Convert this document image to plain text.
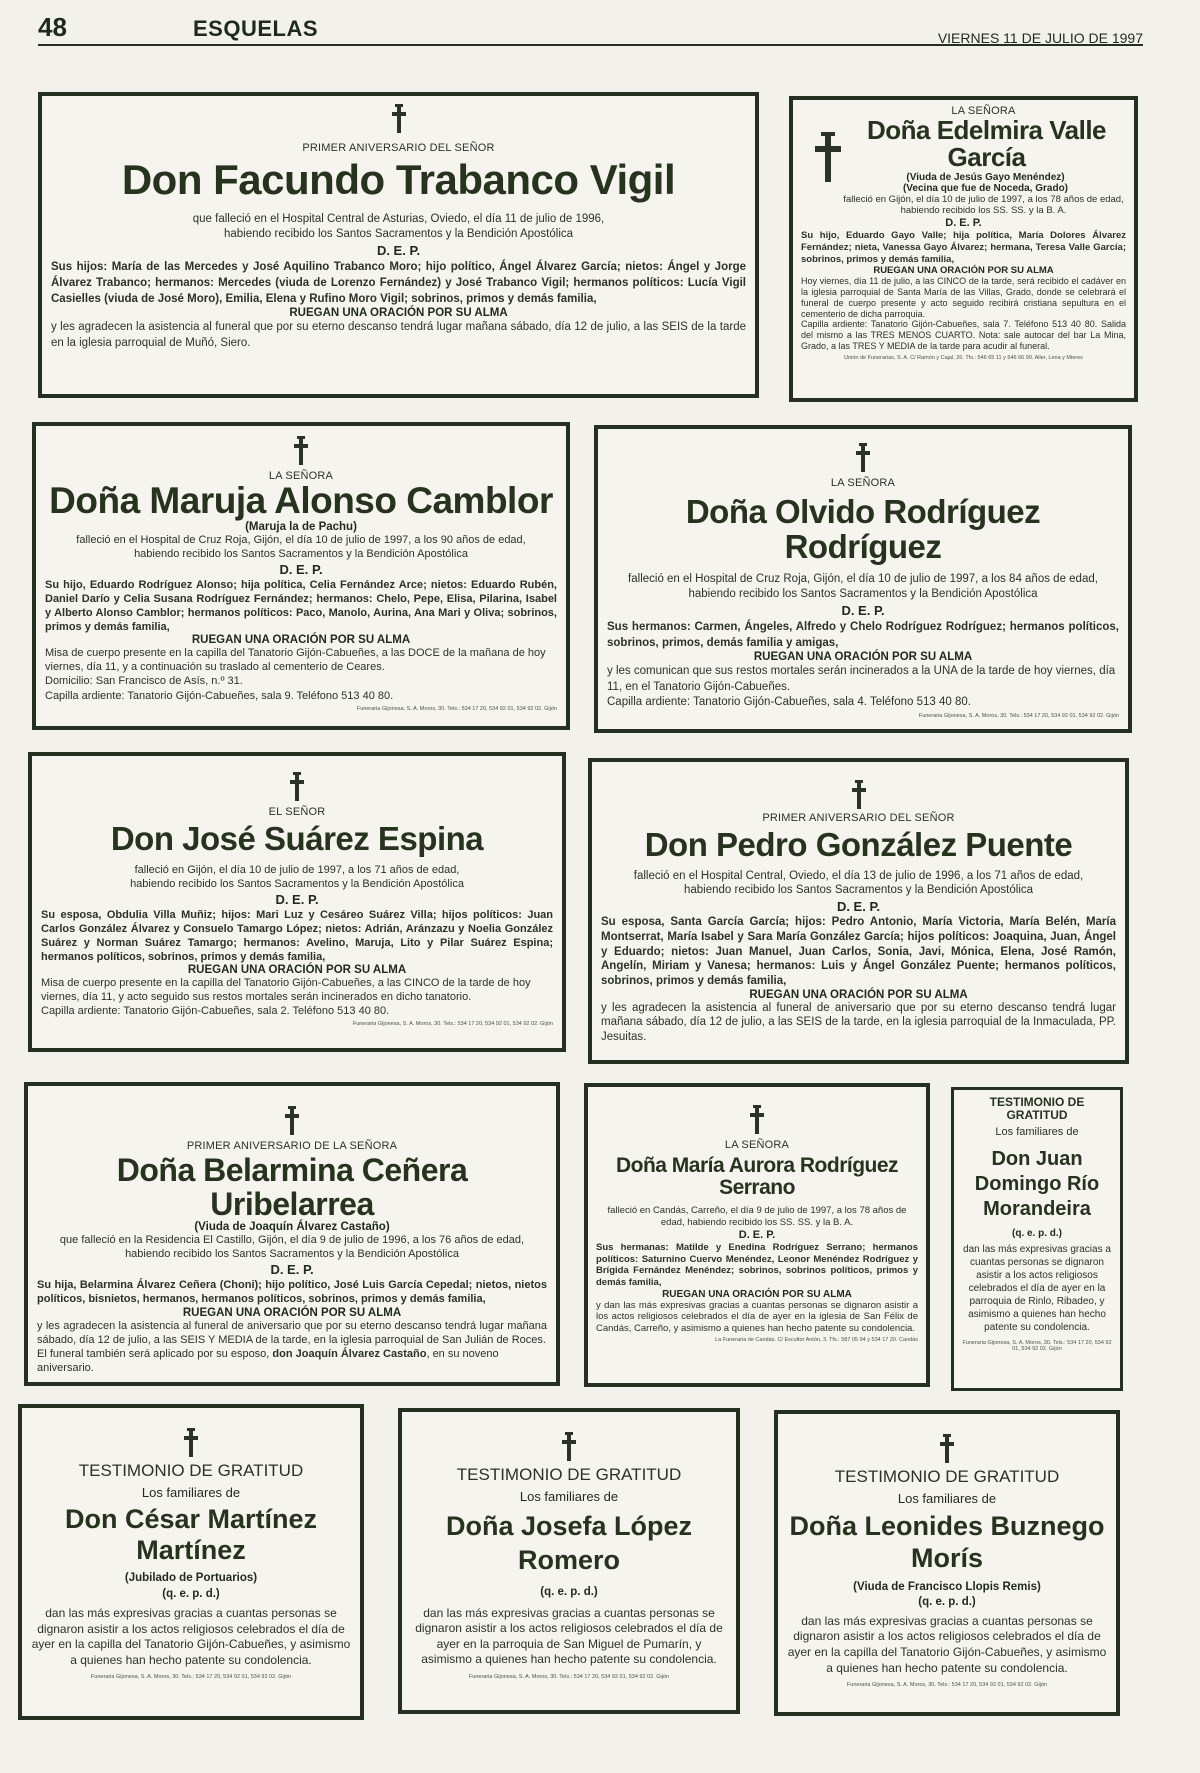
48	ESQUELAS	VIERNES 11 DE JULIO DE 1997
PRIMER ANIVERSARIO DEL SEÑOR
Don Facundo Trabanco Vigil
que falleció en el Hospital Central de Asturias, Oviedo, el día 11 de julio de 1996,
habiendo recibido los Santos Sacramentos y la Bendición Apostólica
D. E. P.
Sus hijos: María de las Mercedes y José Aquilino Trabanco Moro; hijo político, Ángel Álvarez García; nietos: Ángel y Jorge Álvarez Trabanco; hermanos: Mercedes (viuda de Lorenzo Fernández) y José Trabanco Vigil; hermanos políticos: Lucía Vigil Casielles (viuda de José Moro), Emilia, Elena y Rufino Moro Vigil; sobrinos, primos y demás familia,
RUEGAN UNA ORACIÓN POR SU ALMA
y les agradecen la asistencia al funeral que por su eterno descanso tendrá lugar mañana sábado, día 12 de julio, a las SEIS de la tarde en la iglesia parroquial de Muñó, Siero.
LA SEÑORA
Doña Edelmira Valle García
(Viuda de Jesús Gayo Menéndez)
(Vecina que fue de Noceda, Grado)
falleció en Gijón, el día 10 de julio de 1997, a los 78 años de edad, habiendo recibido los SS. SS. y la B. A.
D. E. P.
Su hijo, Eduardo Gayo Valle; hija política, María Dolores Álvarez Fernández; nieta, Vanessa Gayo Álvarez; hermana, Teresa Valle García; sobrinos, primos y demás familia,
RUEGAN UNA ORACIÓN POR SU ALMA
Hoy viernes, día 11 de julio, a las CINCO de la tarde, será recibido el cadáver en la iglesia parroquial de Santa María de las Villas, Grado, donde se celebrará el funeral de cuerpo presente y acto seguido recibirá cristiana sepultura en el cementerio de dicha parroquia.
Capilla ardiente: Tanatorio Gijón-Cabueñes, sala 7. Teléfono 513 40 80. Salida del mismo a las TRES MENOS CUARTO. Nota: sale autocar del bar La Mina, Grado, a las TRES Y MEDIA de la tarde para acudir al funeral.
Unión de Funerarias, S. A. C/ Ramón y Cajal, 26. Tfs.: 546 65 11 y 546 66 90. Aller, Lena y Mieres
LA SEÑORA
Doña Maruja Alonso Camblor
(Maruja la de Pachu)
falleció en el Hospital de Cruz Roja, Gijón, el día 10 de julio de 1997, a los 90 años de edad,
habiendo recibido los Santos Sacramentos y la Bendición Apostólica
D. E. P.
Su hijo, Eduardo Rodríguez Alonso; hija política, Celia Fernández Arce; nietos: Eduardo Rubén, Daniel Darío y Celia Susana Rodríguez Fernández; hermanos: Chelo, Pepe, Elisa, Pilarina, Isabel y Alberto Alonso Camblor; hermanos políticos: Paco, Manolo, Aurina, Ana Mari y Oliva; sobrinos, primos y demás familia,
RUEGAN UNA ORACIÓN POR SU ALMA
Misa de cuerpo presente en la capilla del Tanatorio Gijón-Cabueñes, a las DOCE de la mañana de hoy viernes, día 11, y a continuación su traslado al cementerio de Ceares.
Domicilio: San Francisco de Asís, n.º 31.
Capilla ardiente: Tanatorio Gijón-Cabueñes, sala 9. Teléfono 513 40 80.
Funeraria Gijonesa, S. A. Moros, 30. Tels.: 534 17 20, 534 92 01, 534 92 02. Gijón
LA SEÑORA
Doña Olvido Rodríguez Rodríguez
falleció en el Hospital de Cruz Roja, Gijón, el día 10 de julio de 1997, a los 84 años de edad,
habiendo recibido los Santos Sacramentos y la Bendición Apostólica
D. E. P.
Sus hermanos: Carmen, Ángeles, Alfredo y Chelo Rodríguez Rodríguez; hermanos políticos, sobrinos, primos, demás familia y amigas,
RUEGAN UNA ORACIÓN POR SU ALMA
y les comunican que sus restos mortales serán incinerados a la UNA de la tarde de hoy viernes, día 11, en el Tanatorio Gijón-Cabueñes.
Capilla ardiente: Tanatorio Gijón-Cabueñes, sala 4. Teléfono 513 40 80.
Funeraria Gijonesa, S. A. Moros, 30. Tels.: 534 17 20, 534 92 01, 534 92 02. Gijón
EL SEÑOR
Don José Suárez Espina
falleció en Gijón, el día 10 de julio de 1997, a los 71 años de edad,
habiendo recibido los Santos Sacramentos y la Bendición Apostólica
D. E. P.
Su esposa, Obdulia Villa Muñiz; hijos: Mari Luz y Cesáreo Suárez Villa; hijos políticos: Juan Carlos González Álvarez y Consuelo Tamargo López; nietos: Adrián, Aránzazu y Noelia González Suárez y Norman Suárez Tamargo; hermanos: Avelino, Maruja, Lito y Pilar Suárez Espina; hermanos políticos, sobrinos, primos y demás familia,
RUEGAN UNA ORACIÓN POR SU ALMA
Misa de cuerpo presente en la capilla del Tanatorio Gijón-Cabueñes, a las CINCO de la tarde de hoy viernes, día 11, y acto seguido sus restos mortales serán incinerados en dicho tanatorio.
Capilla ardiente: Tanatorio Gijón-Cabueñes, sala 2. Teléfono 513 40 80.
Funeraria Gijonesa, S. A. Moros, 30. Tels.: 534 17 20, 534 92 01, 534 92 02. Gijón
PRIMER ANIVERSARIO DEL SEÑOR
Don Pedro González Puente
falleció en el Hospital Central, Oviedo, el día 13 de julio de 1996, a los 71 años de edad,
habiendo recibido los Santos Sacramentos y la Bendición Apostólica
D. E. P.
Su esposa, Santa García García; hijos: Pedro Antonio, María Victoria, María Belén, María Montserrat, María Isabel y Sara María González García; hijos políticos: Joaquina, Juan, Ángel y Eduardo; nietos: Juan Manuel, Juan Carlos, Sonia, Javi, Mónica, Elena, José Ramón, Angelín, Miriam y Vanesa; hermanos: Luis y Ángel González Puente; hermanos políticos, sobrinos, primos y demás familia,
RUEGAN UNA ORACIÓN POR SU ALMA
y les agradecen la asistencia al funeral de aniversario que por su eterno descanso tendrá lugar mañana sábado, día 12 de julio, a las SEIS de la tarde, en la iglesia parroquial de la Inmaculada, PP. Jesuitas.
PRIMER ANIVERSARIO DE LA SEÑORA
Doña Belarmina Ceñera Uribelarrea
(Viuda de Joaquín Álvarez Castaño)
que falleció en la Residencia El Castillo, Gijón, el día 9 de julio de 1996, a los 76 años de edad,
habiendo recibido los Santos Sacramentos y la Bendición Apostólica
D. E. P.
Su hija, Belarmina Álvarez Ceñera (Choni); hijo político, José Luis García Cepedal; nietos, nietos políticos, bisnietos, hermanos, hermanos políticos, sobrinos, primos y demás familia,
RUEGAN UNA ORACIÓN POR SU ALMA
y les agradecen la asistencia al funeral de aniversario que por su eterno descanso tendrá lugar mañana sábado, día 12 de julio, a las SEIS Y MEDIA de la tarde, en la iglesia parroquial de San Julián de Roces.
El funeral también será aplicado por su esposo, don Joaquín Álvarez Castaño, en su noveno aniversario.
LA SEÑORA
Doña María Aurora Rodríguez Serrano
falleció en Candás, Carreño, el día 9 de julio de 1997, a los 78 años de edad, habiendo recibido los SS. SS. y la B. A.
D. E. P.
Sus hermanas: Matilde y Enedina Rodríguez Serrano; hermanos políticos: Saturnino Cuervo Menéndez, Leonor Menéndez Rodríguez y Brígida Fernández Menéndez; sobrinos, sobrinos políticos, primos y demás familia,
RUEGAN UNA ORACIÓN POR SU ALMA
y dan las más expresivas gracias a cuantas personas se dignaron asistir a los actos religiosos celebrados el día de ayer en la iglesia de San Félix de Candás, Carreño, y asimismo a quienes han hecho patente su condolencia.
La Funeraria de Candás. C/ Escultor Antón, 3. Tfs.: 587 05 94 y 534 17 20. Candás
TESTIMONIO DE GRATITUD
Los familiares de
Don Juan Domingo Río Morandeira
(q. e. p. d.)
dan las más expresivas gracias a cuantas personas se dignaron asistir a los actos religiosos celebrados el día de ayer en la parroquia de Rinlo, Ribadeo, y asimismo a quienes han hecho patente su condolencia.
Funeraria Gijonesa, S. A. Moros, 30. Tels.: 534 17 20, 534 92 01, 534 92 02. Gijón
TESTIMONIO DE GRATITUD
Los familiares de
Don César Martínez Martínez
(Jubilado de Portuarios)
(q. e. p. d.)
dan las más expresivas gracias a cuantas personas se dignaron asistir a los actos religiosos celebrados el día de ayer en la capilla del Tanatorio Gijón-Cabueñes, y asimismo a quienes han hecho patente su condolencia.
Funeraria Gijonesa, S. A. Moros, 30. Tels.: 534 17 20, 534 92 01, 534 92 02. Gijón
TESTIMONIO DE GRATITUD
Los familiares de
Doña Josefa López Romero
(q. e. p. d.)
dan las más expresivas gracias a cuantas personas se dignaron asistir a los actos religiosos celebrados el día de ayer en la parroquia de San Miguel de Pumarín, y asimismo a quienes han hecho patente su condolencia.
Funeraria Gijonesa, S. A. Moros, 30. Tels.: 534 17 20, 534 92 01, 534 92 02. Gijón
TESTIMONIO DE GRATITUD
Los familiares de
Doña Leonides Buznego Morís
(Viuda de Francisco Llopis Remis)
(q. e. p. d.)
dan las más expresivas gracias a cuantas personas se dignaron asistir a los actos religiosos celebrados el día de ayer en la capilla del Tanatorio Gijón-Cabueñes, y asimismo a quienes han hecho patente su condolencia.
Funeraria Gijonesa, S. A. Moros, 30. Tels.: 534 17 20, 534 92 01, 534 92 02. Gijón
